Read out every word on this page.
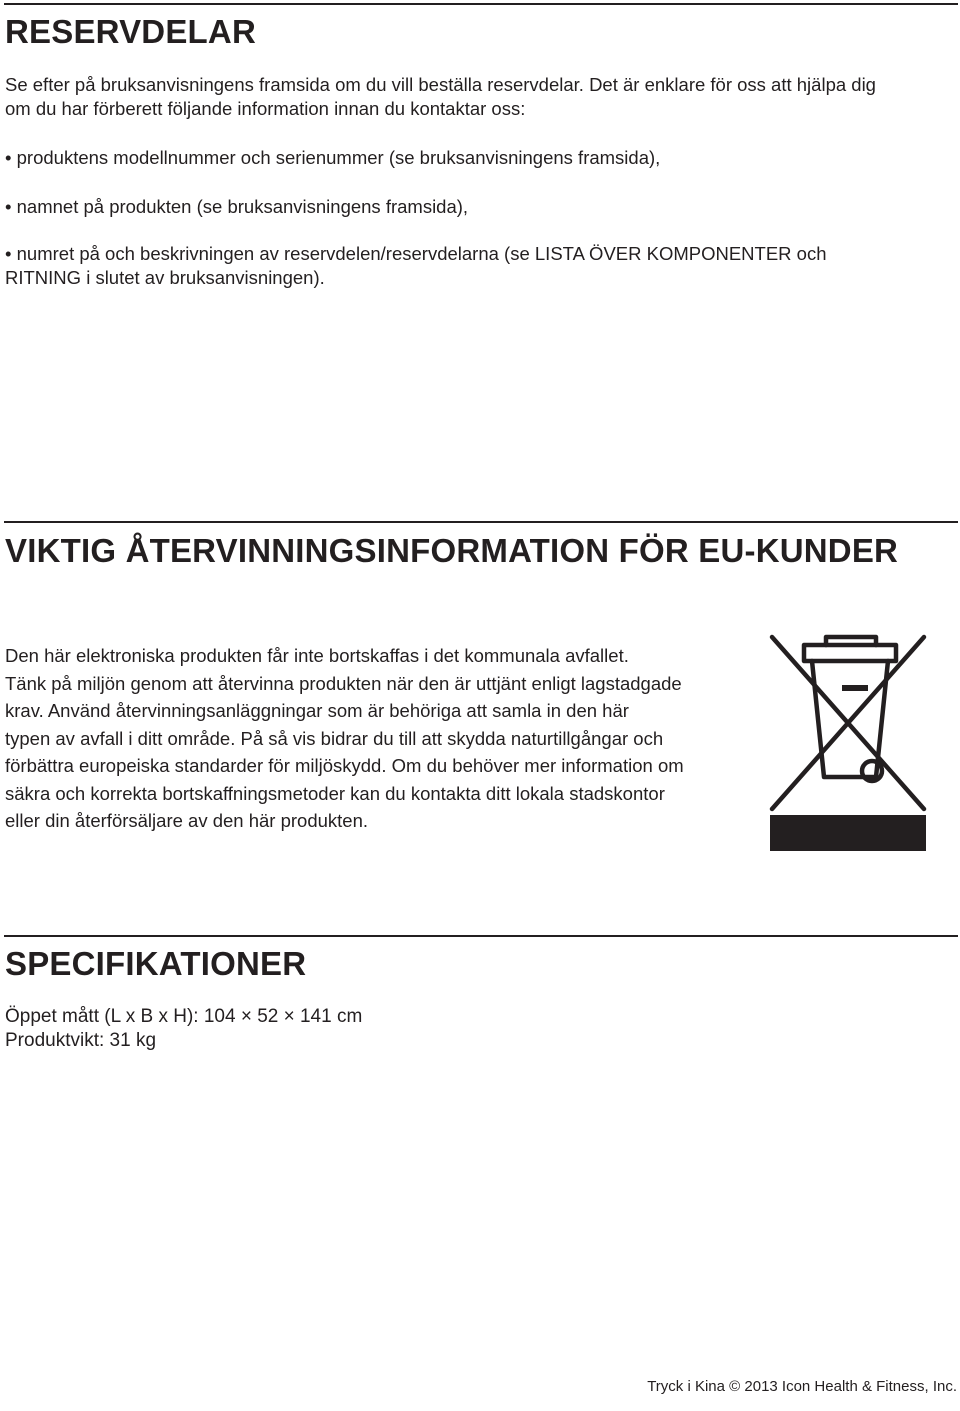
RESERVDELAR

Se efter på bruksanvisningens framsida om du vill beställa reservdelar. Det är enklare för oss att hjälpa dig

om du har förberett följande information innan du kontaktar oss:

• produktens modellnummer och serienummer (se bruksanvisningens framsida),

• namnet på produkten (se bruksanvisningens framsida),

• numret på och beskrivningen av reservdelen/reservdelarna (se LISTA ÖVER KOMPONENTER och

RITNING i slutet av bruksanvisningen).

VIKTIG ÅTERVINNINGSINFORMATION FÖR EU-KUNDER

Den här elektroniska produkten får inte bortskaffas i det kommunala avfallet.

Tänk på miljön genom att återvinna produkten när den är uttjänt enligt lagstadgade

krav. Använd återvinningsanläggningar som är behöriga att samla in den här

typen av avfall i ditt område. På så vis bidrar du till att skydda naturtillgångar och

förbättra europeiska standarder för miljöskydd. Om du behöver mer information om

säkra och korrekta bortskaffningsmetoder kan du kontakta ditt lokala stadskontor

eller din återförsäljare av den här produkten.

SPECIFIKATIONER

Öppet mått (L x B x H): 104 × 52 × 141 cm

Produktvikt: 31 kg

Tryck i Kina © 2013 Icon Health & Fitness, Inc.
